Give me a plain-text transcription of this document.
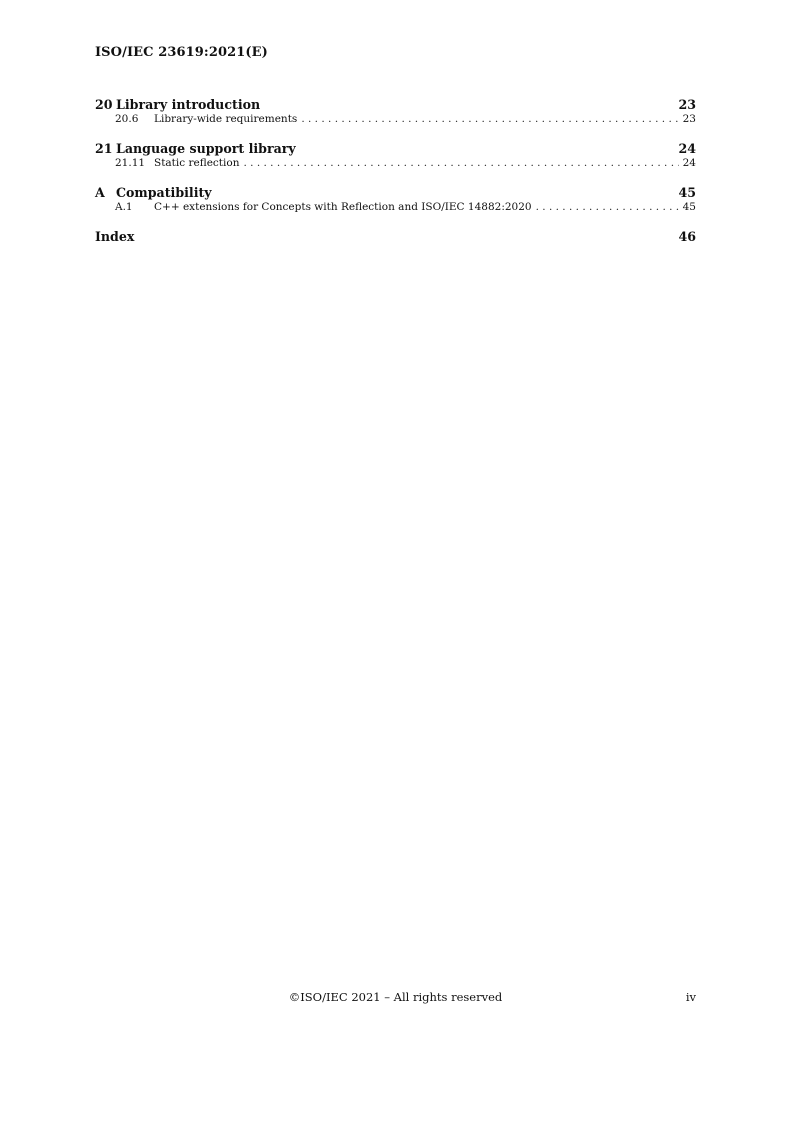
ISO/IEC 23619:2021(E)
20 Library introduction	23
20.6	Library-wide requirements . . .	23
21 Language support library	24
21.11 Static reflection . . .	24
A Compatibility	45
A.1	C++ extensions for Concepts with Reflection and ISO/IEC 14882:2020 . . .	45
Index	46
©ISO/IEC 2021 – All rights reserved	iv
